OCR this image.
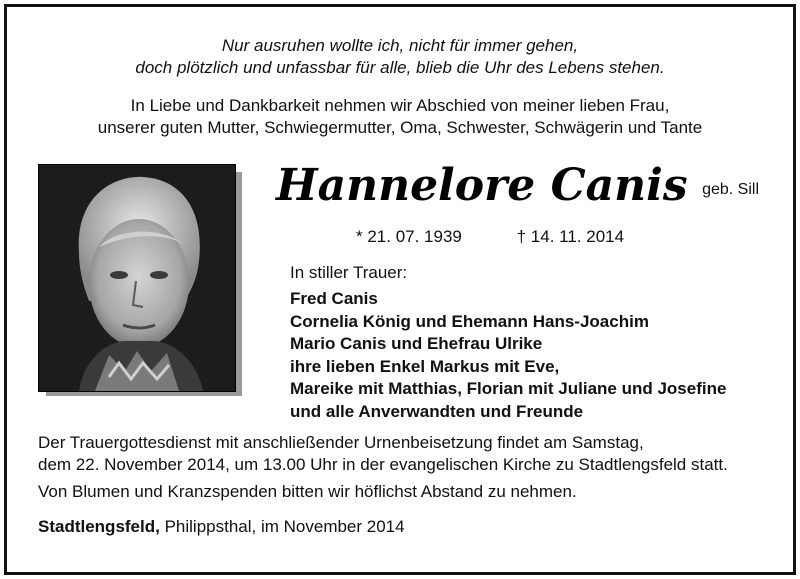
Nur ausruhen wollte ich, nicht für immer gehen,
doch plötzlich und unfassbar für alle, blieb die Uhr des Lebens stehen.
In Liebe und Dankbarkeit nehmen wir Abschied von meiner lieben Frau,
unserer guten Mutter, Schwiegermutter, Oma, Schwester, Schwägerin und Tante
Hannelore Canis geb. Sill
* 21. 07. 1939	† 14. 11. 2014
In stiller Trauer:
Fred Canis
Cornelia König und Ehemann Hans-Joachim
Mario Canis und Ehefrau Ulrike
ihre lieben Enkel Markus mit Eve,
Mareike mit Matthias, Florian mit Juliane und Josefine
und alle Anverwandten und Freunde
Der Trauergottesdienst mit anschließender Urnenbeisetzung findet am Samstag,
dem 22. November 2014, um 13.00 Uhr in der evangelischen Kirche zu Stadtlengsfeld statt.
Von Blumen und Kranzspenden bitten wir höflichst Abstand zu nehmen.
Stadtlengsfeld, Philippsthal, im November 2014
